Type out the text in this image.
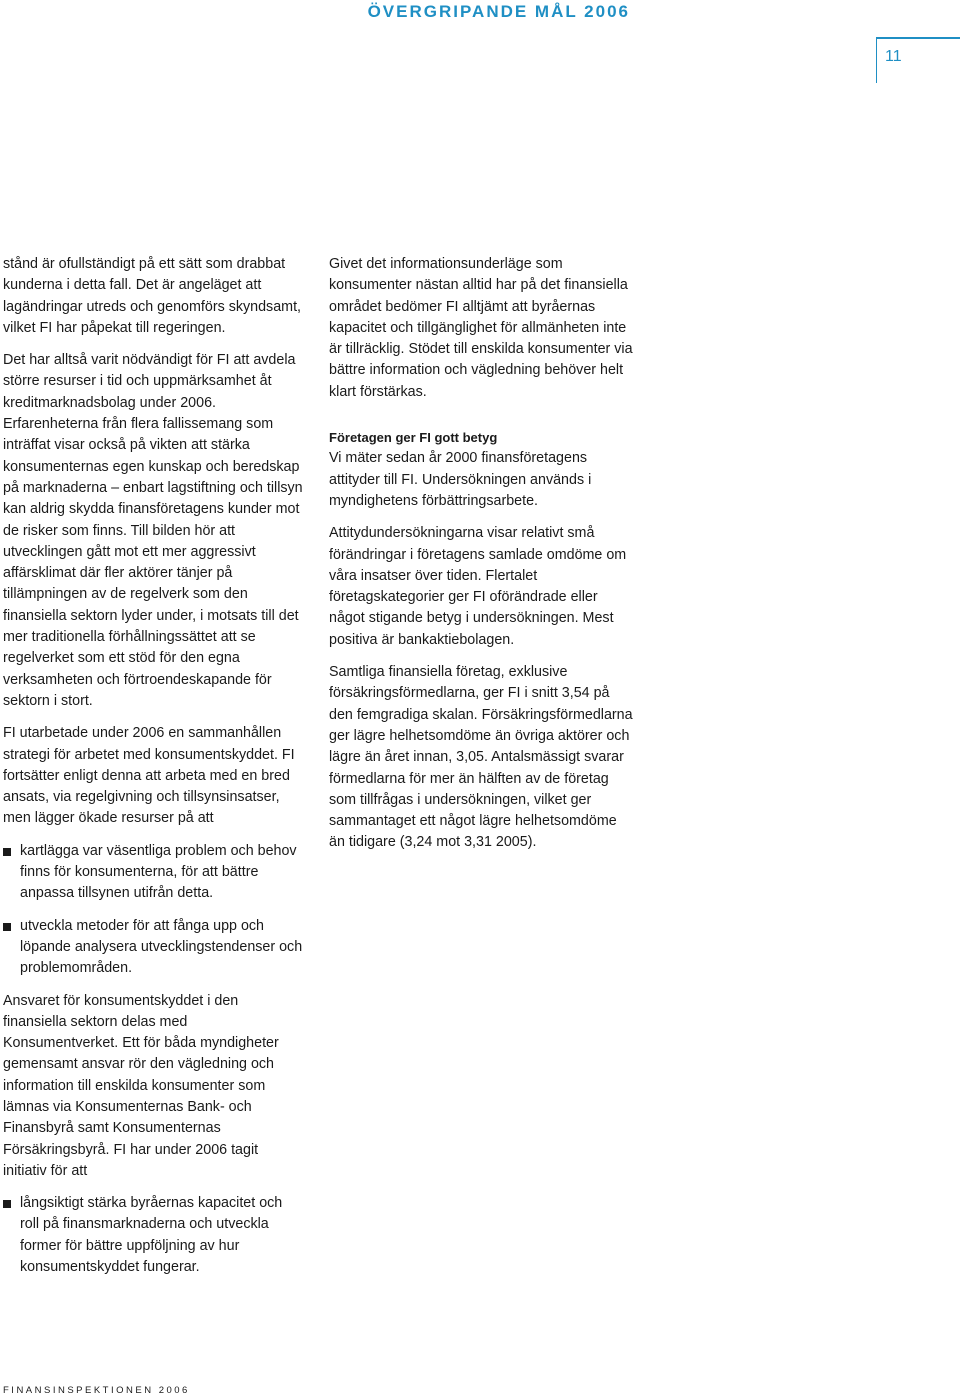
ÖVERGRIPANDE MÅL 2006
11

stånd är ofullständigt på ett sätt som drabbat kunderna i detta fall. Det är angeläget att lagändringar utreds och genomförs skyndsamt, vilket FI har påpekat till regeringen.

Det har alltså varit nödvändigt för FI att avdela större resurser i tid och uppmärksamhet åt kreditmarknadsbolag under 2006. Erfarenheterna från flera fallissemang som inträffat visar också på vikten att stärka konsumenternas egen kunskap och beredskap på marknaderna – enbart lagstiftning och tillsyn kan aldrig skydda finansföretagens kunder mot de risker som finns. Till bilden hör att utvecklingen gått mot ett mer aggressivt affärsklimat där fler aktörer tänjer på tillämpningen av de regelverk som den finansiella sektorn lyder under, i motsats till det mer traditionella förhållningssättet att se regelverket som ett stöd för den egna verksamheten och förtroendeskapande för sektorn i stort.

FI utarbetade under 2006 en sammanhållen strategi för arbetet med konsumentskyddet. FI fortsätter enligt denna att arbeta med en bred ansats, via regelgivning och tillsynsinsatser, men lägger ökade resurser på att

kartlägga var väsentliga problem och behov finns för konsumenterna, för att bättre anpassa tillsynen utifrån detta.
utveckla metoder för att fånga upp och löpande analysera utvecklingstendenser och problemområden.

Ansvaret för konsumentskyddet i den finansiella sektorn delas med Konsumentverket. Ett för båda myndigheter gemensamt ansvar rör den vägledning och information till enskilda konsumenter som lämnas via Konsumenternas Bank- och Finansbyrå samt Konsumenternas Försäkringsbyrå. FI har under 2006 tagit initiativ för att

långsiktigt stärka byråernas kapacitet och roll på finansmarknaderna och utveckla former för bättre uppföljning av hur konsumentskyddet fungerar.

Givet det informationsunderläge som konsumenter nästan alltid har på det finansiella området bedömer FI alltjämt att byråernas kapacitet och tillgänglighet för allmänheten inte är tillräcklig. Stödet till enskilda konsumenter via bättre information och vägledning behöver helt klart förstärkas.

Företagen ger FI gott betyg

Vi mäter sedan år 2000 finansföretagens attityder till FI. Undersökningen används i myndighetens förbättringsarbete.

Attitydundersökningarna visar relativt små förändringar i företagens samlade omdöme om våra insatser över tiden. Flertalet företagskategorier ger FI oförändrade eller något stigande betyg i undersökningen. Mest positiva är bankaktiebolagen.

Samtliga finansiella företag, exklusive försäkringsförmedlarna, ger FI i snitt 3,54 på den femgradiga skalan. Försäkringsförmedlarna ger lägre helhetsomdöme än övriga aktörer och lägre än året innan, 3,05. Antalsmässigt svarar förmedlarna för mer än hälften av de företag som tillfrågas i undersökningen, vilket ger sammantaget ett något lägre helhetsomdöme än tidigare (3,24 mot 3,31 2005).

FINANSINSPEKTIONEN 2006
